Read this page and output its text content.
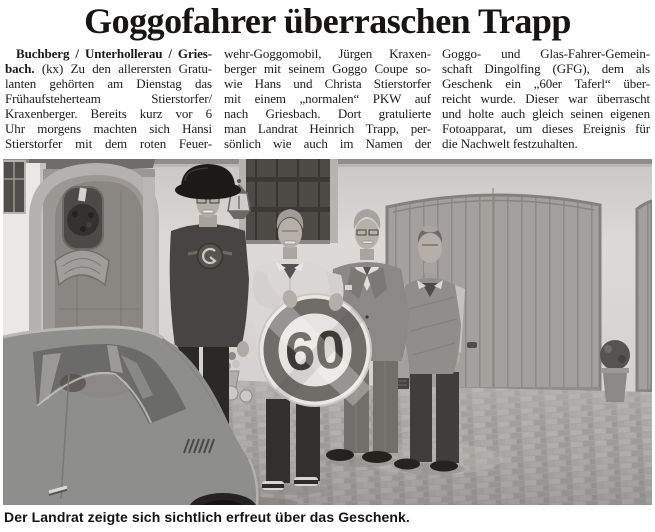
Goggofahrer überraschen Trapp
Buchberg / Unterhollerau / Gries-
bach. (kx) Zu den allerersten Gratu-
lanten gehörten am Dienstag das
Frühaufsteherteam Stierstorfer/
Kraxenberger. Bereits kurz vor 6
Uhr morgens machten sich Hansi
Stierstorfer mit dem roten Feuer-
wehr-Goggomobil, Jürgen Kraxen-
berger mit seinem Goggo Coupe so-
wie Hans und Christa Stierstorfer
mit einem „normalen“ PKW auf
nach Griesbach. Dort gratulierte
man Landrat Heinrich Trapp, per-
sönlich wie auch im Namen der
Goggo- und Glas-Fahrer-Gemein-
schaft Dingolfing (GFG), dem als
Geschenk ein „60er Taferl“ über-
reicht wurde. Dieser war überrascht
und holte auch gleich seinen eigenen
Fotoapparat, um dieses Ereignis für
die Nachwelt festzuhalten.
60
Der Landrat zeigte sich sichtlich erfreut über das Geschenk.
